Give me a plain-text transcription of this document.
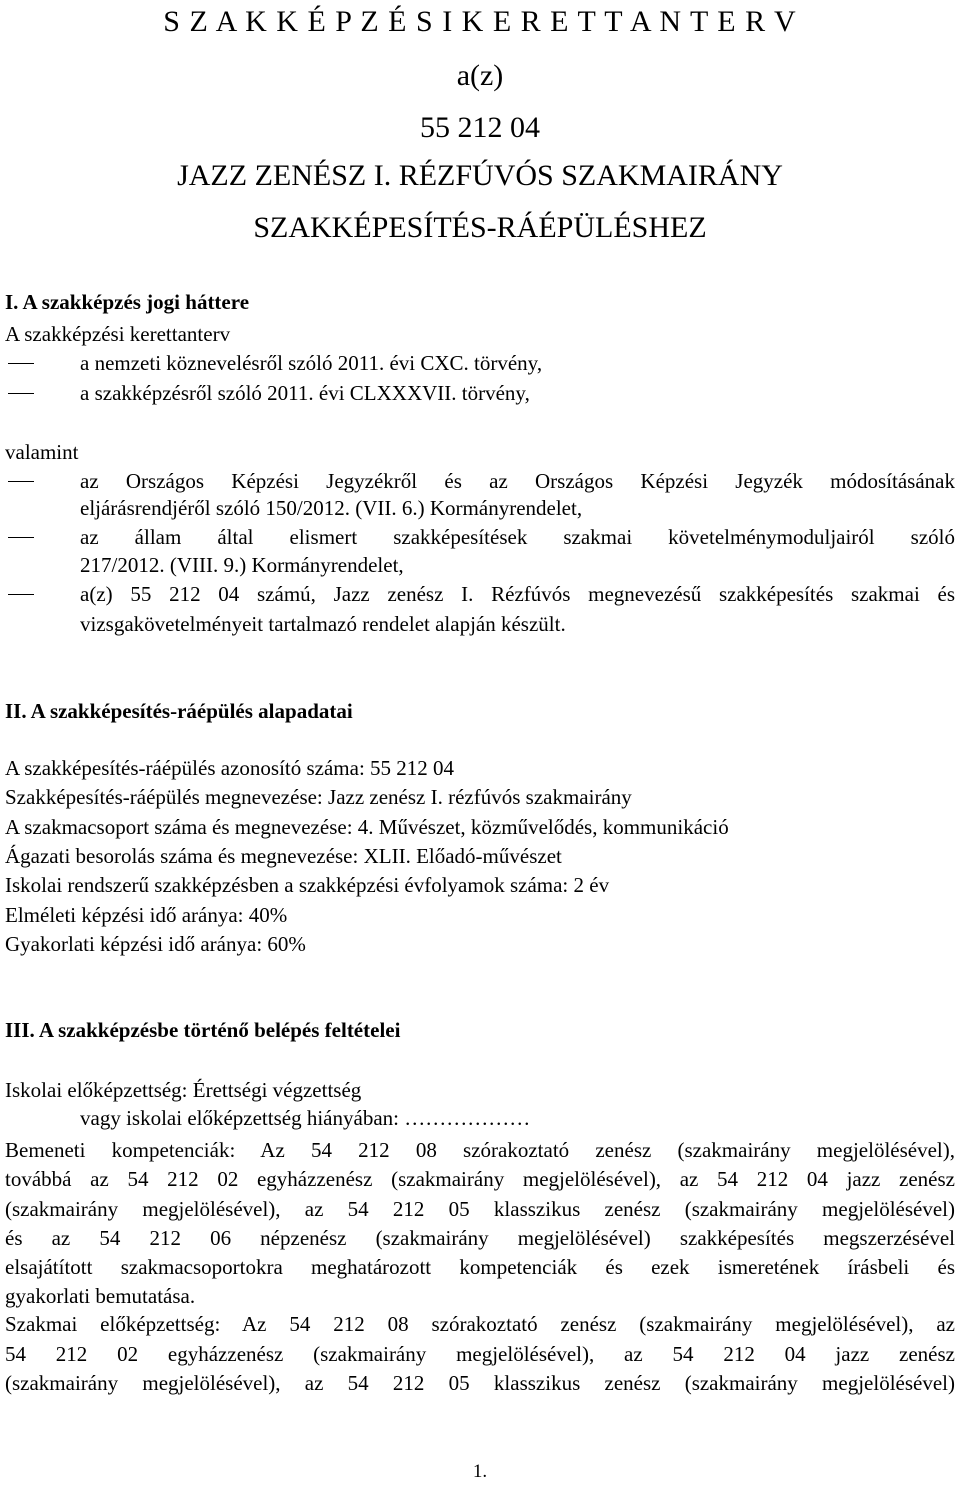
S Z A K K É P Z É S I K E R E T T A N T E R V
a(z)
55 212 04
JAZZ ZENÉSZ I. RÉZFÚVÓS SZAKMAIRÁNY
SZAKKÉPESÍTÉS-RÁÉPÜLÉSHEZ
I. A szakképzés jogi háttere
A szakképzési kerettanterv
a nemzeti köznevelésről szóló 2011. évi CXC. törvény,
a szakképzésről szóló 2011. évi CLXXXVII. törvény,
valamint
az Országos Képzési Jegyzékről és az Országos Képzési Jegyzék módosításának
eljárásrendjéről szóló 150/2012. (VII. 6.) Kormányrendelet,
az állam által elismert szakképesítések szakmai követelménymoduljairól szóló
217/2012. (VIII. 9.) Kormányrendelet,
a(z) 55 212 04 számú, Jazz zenész I. Rézfúvós megnevezésű szakképesítés szakmai és
vizsgakövetelményeit tartalmazó rendelet alapján készült.
II. A szakképesítés-ráépülés alapadatai
A szakképesítés-ráépülés azonosító száma: 55 212 04
Szakképesítés-ráépülés megnevezése: Jazz zenész I. rézfúvós szakmairány
A szakmacsoport száma és megnevezése: 4. Művészet, közművelődés, kommunikáció
Ágazati besorolás száma és megnevezése: XLII. Előadó-művészet
Iskolai rendszerű szakképzésben a szakképzési évfolyamok száma: 2 év
Elméleti képzési idő aránya: 40%
Gyakorlati képzési idő aránya: 60%
III. A szakképzésbe történő belépés feltételei
Iskolai előképzettség: Érettségi végzettség
vagy iskolai előképzettség hiányában: ………………
Bemeneti kompetenciák: Az 54 212 08 szórakoztató zenész (szakmairány megjelölésével),
továbbá az 54 212 02 egyházzenész (szakmairány megjelölésével), az 54 212 04 jazz zenész
(szakmairány megjelölésével), az 54 212 05 klasszikus zenész (szakmairány megjelölésével)
és az 54 212 06 népzenész (szakmairány megjelölésével) szakképesítés megszerzésével
elsajátított szakmacsoportokra meghatározott kompetenciák és ezek ismeretének írásbeli és
gyakorlati bemutatása.
Szakmai előképzettség: Az 54 212 08 szórakoztató zenész (szakmairány megjelölésével), az
54 212 02 egyházzenész (szakmairány megjelölésével), az 54 212 04 jazz zenész
(szakmairány megjelölésével), az 54 212 05 klasszikus zenész (szakmairány megjelölésével)
1.
